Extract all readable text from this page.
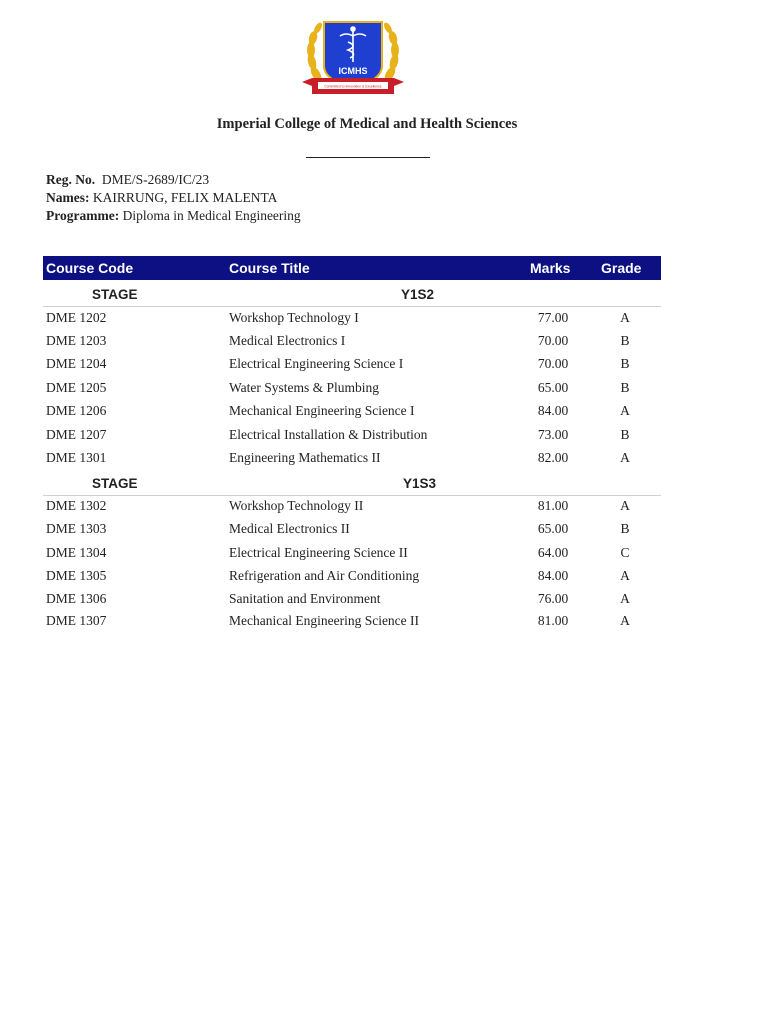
ICMHS
Committed to Innovation & Excellence
Imperial College of Medical and Health Sciences
Reg. No. DME/S-2689/IC/23
Names: KAIRRUNG, FELIX MALENTA
Programme: Diploma in Medical Engineering
Course Code	Course Title	Marks Grade
STAGE	Y1S2
DME 1202	Workshop Technology I	77.00	A
DME 1203	Medical Electronics I	70.00	B
DME 1204	Electrical Engineering Science I	70.00	B
DME 1205	Water Systems & Plumbing	65.00	B
DME 1206	Mechanical Engineering Science I	84.00	A
DME 1207	Electrical Installation & Distribution	73.00	B
DME 1301	Engineering Mathematics II	82.00	A
STAGE	Y1S3
DME 1302	Workshop Technology II	81.00	A
DME 1303	Medical Electronics II	65.00	B
DME 1304	Electrical Engineering Science II	64.00	C
DME 1305	Refrigeration and Air Conditioning	84.00	A
DME 1306	Sanitation and Environment	76.00	A
DME 1307	Mechanical Engineering Science II	81.00	A
